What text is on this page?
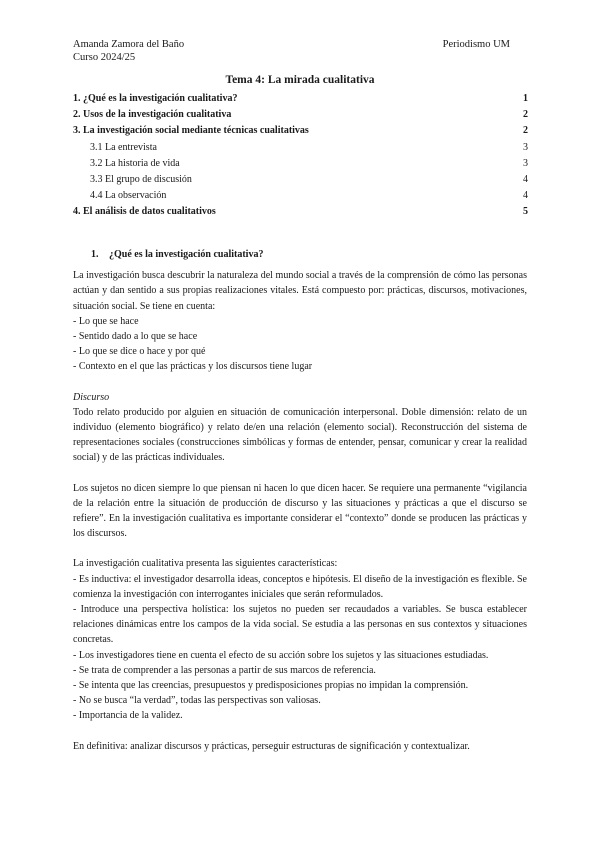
Amanda Zamora del Baño
Curso 2024/25
Periodismo UM
Tema 4: La mirada cualitativa
1. ¿Qué es la investigación cualitativa?	1
2. Usos de la investigación cualitativa	2
3. La investigación social mediante técnicas cualitativas	2
3.1 La entrevista	3
3.2 La historia de vida	3
3.3 El grupo de discusión	4
4.4 La observación	4
4. El análisis de datos cualitativos	5
1. ¿Qué es la investigación cualitativa?

La investigación busca descubrir la naturaleza del mundo social a través de la comprensión de cómo las personas actúan y dan sentido a sus propias realizaciones vitales. Está compuesto por: prácticas, discursos, motivaciones, situación social. Se tiene en cuenta:

- Lo que se hace
- Sentido dado a lo que se hace
- Lo que se dice o hace y por qué
- Contexto en el que las prácticas y los discursos tiene lugar
Discurso

Todo relato producido por alguien en situación de comunicación interpersonal. Doble dimensión: relato de un individuo (elemento biográfico) y relato de/en una relación (elemento social). Reconstrucción del sistema de representaciones sociales (construcciones simbólicas y formas de entender, pensar, comunicar y crear la realidad social) y de las prácticas individuales.

Los sujetos no dicen siempre lo que piensan ni hacen lo que dicen hacer. Se requiere una permanente “vigilancia de la relación entre la situación de producción de discurso y las situaciones y prácticas a que el discurso se refiere”. En la investigación cualitativa es importante considerar el “contexto” donde se producen las prácticas y los discursos.

La investigación cualitativa presenta las siguientes características:

- Es inductiva: el investigador desarrolla ideas, conceptos e hipótesis. El diseño de la investigación es flexible. Se comienza la investigación con interrogantes iniciales que serán reformulados.

- Introduce una perspectiva holística: los sujetos no pueden ser recaudados a variables. Se busca establecer relaciones dinámicas entre los campos de la vida social. Se estudia a las personas en sus contextos y situaciones concretas.

- Los investigadores tiene en cuenta el efecto de su acción sobre los sujetos y las situaciones estudiadas.

- Se trata de comprender a las personas a partir de sus marcos de referencia.

- Se intenta que las creencias, presupuestos y predisposiciones propias no impidan la comprensión.

- No se busca “la verdad”, todas las perspectivas son valiosas.

- Importancia de la validez.

En definitiva: analizar discursos y prácticas, perseguir estructuras de significación y contextualizar.
